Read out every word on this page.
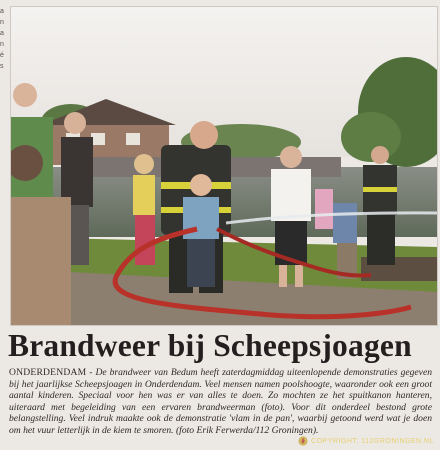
a
n
a
n
é
s
Brandweer bij Scheepsjoagen
ONDERDENDAM - De brandweer van Bedum heeft zaterdagmiddag uiteenlopende demonstraties gegeven bij het jaarlijkse Scheepsjoagen in Onderdendam. Veel mensen namen poolshoogte, waaronder ook een groot aantal kinderen. Speciaal voor hen was er van alles te doen. Zo mochten ze het spuitkanon hanteren, uiteraard met begeleiding van een ervaren brandweerman (foto). Voor dit onderdeel bestond grote belangstelling. Veel indruk maakte ook de demonstratie 'vlam in de pan', waarbij getoond werd wat je doen om het vuur letterlijk in de kiem te smoren. (foto Erik Ferwerda/112 Groningen).
COPYRIGHT: 112GRONINGEN.NL
